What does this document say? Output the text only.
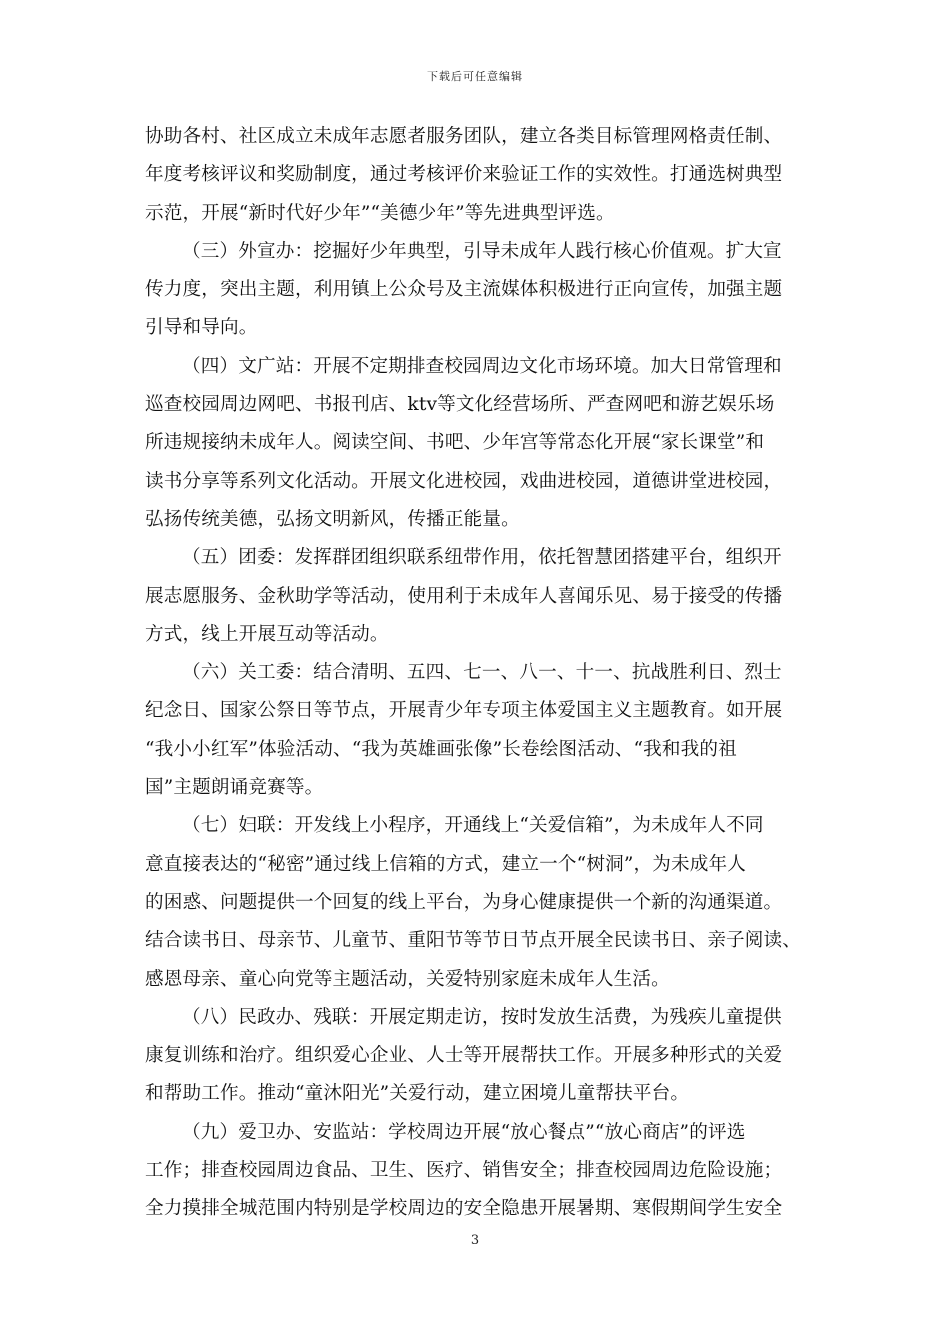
下载后可任意编辑
协助各村、社区成立未成年志愿者服务团队，建立各类目标管理网格责任制、
年度考核评议和奖励制度，通过考核评价来验证工作的实效性。打通选树典型
示范，开展“新时代好少年”“美德少年”等先进典型评选。
（三）外宣办：挖掘好少年典型，引导未成年人践行核心价值观。扩大宣
传力度，突出主题，利用镇上公众号及主流媒体积极进行正向宣传，加强主题
引导和导向。
（四）文广站：开展不定期排查校园周边文化市场环境。加大日常管理和
巡查校园周边网吧、书报刊店、ktv等文化经营场所、严查网吧和游艺娱乐场
所违规接纳未成年人。阅读空间、书吧、少年宫等常态化开展“家长课堂”和
读书分享等系列文化活动。开展文化进校园，戏曲进校园，道德讲堂进校园，
弘扬传统美德，弘扬文明新风，传播正能量。
（五）团委：发挥群团组织联系纽带作用，依托智慧团搭建平台，组织开
展志愿服务、金秋助学等活动，使用利于未成年人喜闻乐见、易于接受的传播
方式，线上开展互动等活动。
（六）关工委：结合清明、五四、七一、八一、十一、抗战胜利日、烈士
纪念日、国家公祭日等节点，开展青少年专项主体爱国主义主题教育。如开展
“我小小红军”体验活动、“我为英雄画张像”长卷绘图活动、“我和我的祖
国”主题朗诵竞赛等。
（七）妇联：开发线上小程序，开通线上“关爱信箱”，为未成年人不同
意直接表达的“秘密”通过线上信箱的方式，建立一个“树洞”，为未成年人
的困惑、问题提供一个回复的线上平台，为身心健康提供一个新的沟通渠道。
结合读书日、母亲节、儿童节、重阳节等节日节点开展全民读书日、亲子阅读、
感恩母亲、童心向党等主题活动，关爱特别家庭未成年人生活。
（八）民政办、残联：开展定期走访，按时发放生活费，为残疾儿童提供
康复训练和治疗。组织爱心企业、人士等开展帮扶工作。开展多种形式的关爱
和帮助工作。推动“童沐阳光”关爱行动，建立困境儿童帮扶平台。
（九）爱卫办、安监站：学校周边开展“放心餐点”“放心商店”的评选
工作；排查校园周边食品、卫生、医疗、销售安全；排查校园周边危险设施；
全力摸排全城范围内特别是学校周边的安全隐患开展暑期、寒假期间学生安全
3
